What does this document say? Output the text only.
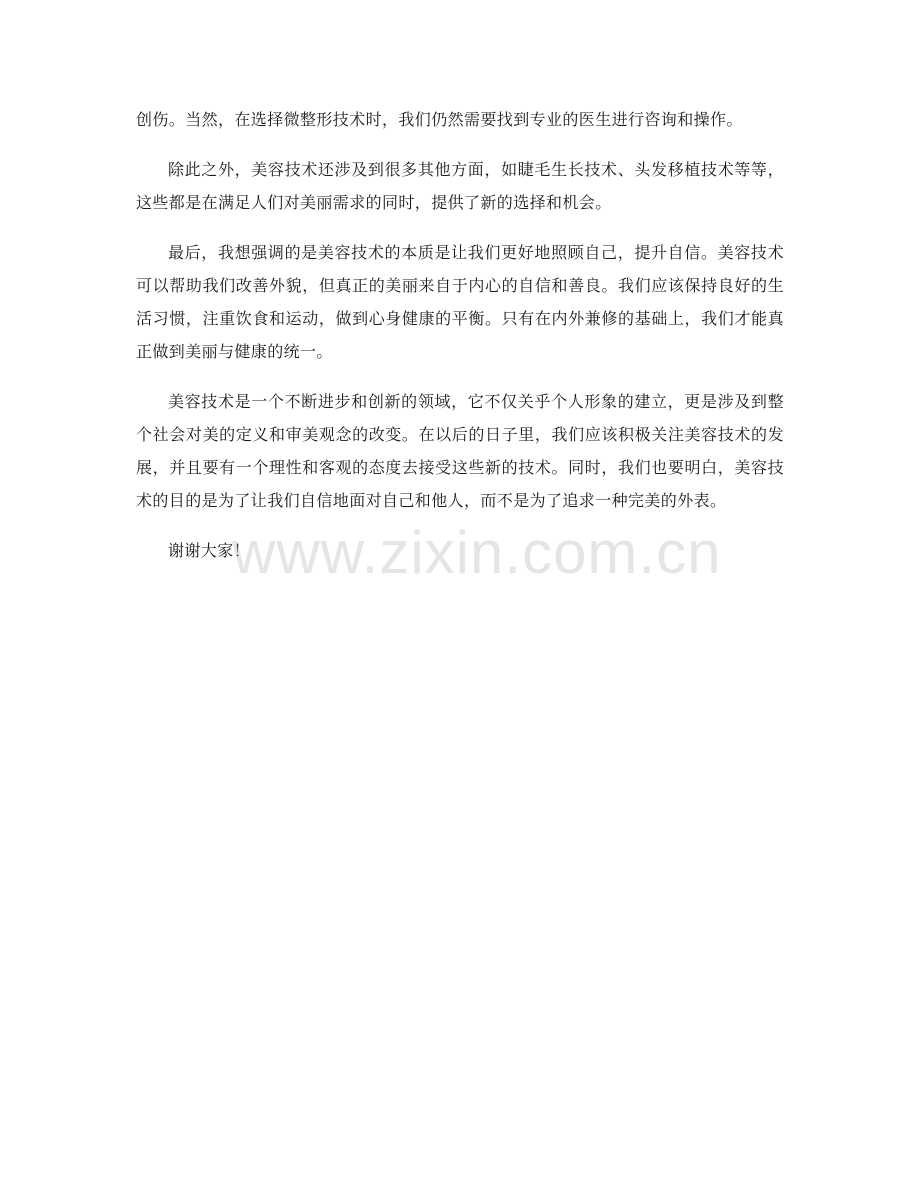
创伤。当然，在选择微整形技术时，我们仍然需要找到专业的医生进行咨询和操作。

除此之外，美容技术还涉及到很多其他方面，如睫毛生长技术、头发移植技术等等，这些都是在满足人们对美丽需求的同时，提供了新的选择和机会。

最后，我想强调的是美容技术的本质是让我们更好地照顾自己，提升自信。美容技术可以帮助我们改善外貌，但真正的美丽来自于内心的自信和善良。我们应该保持良好的生活习惯，注重饮食和运动，做到心身健康的平衡。只有在内外兼修的基础上，我们才能真正做到美丽与健康的统一。

美容技术是一个不断进步和创新的领域，它不仅关乎个人形象的建立，更是涉及到整个社会对美的定义和审美观念的改变。在以后的日子里，我们应该积极关注美容技术的发展，并且要有一个理性和客观的态度去接受这些新的技术。同时，我们也要明白，美容技术的目的是为了让我们自信地面对自己和他人，而不是为了追求一种完美的外表。

谢谢大家！

www.zixin.com.cn
